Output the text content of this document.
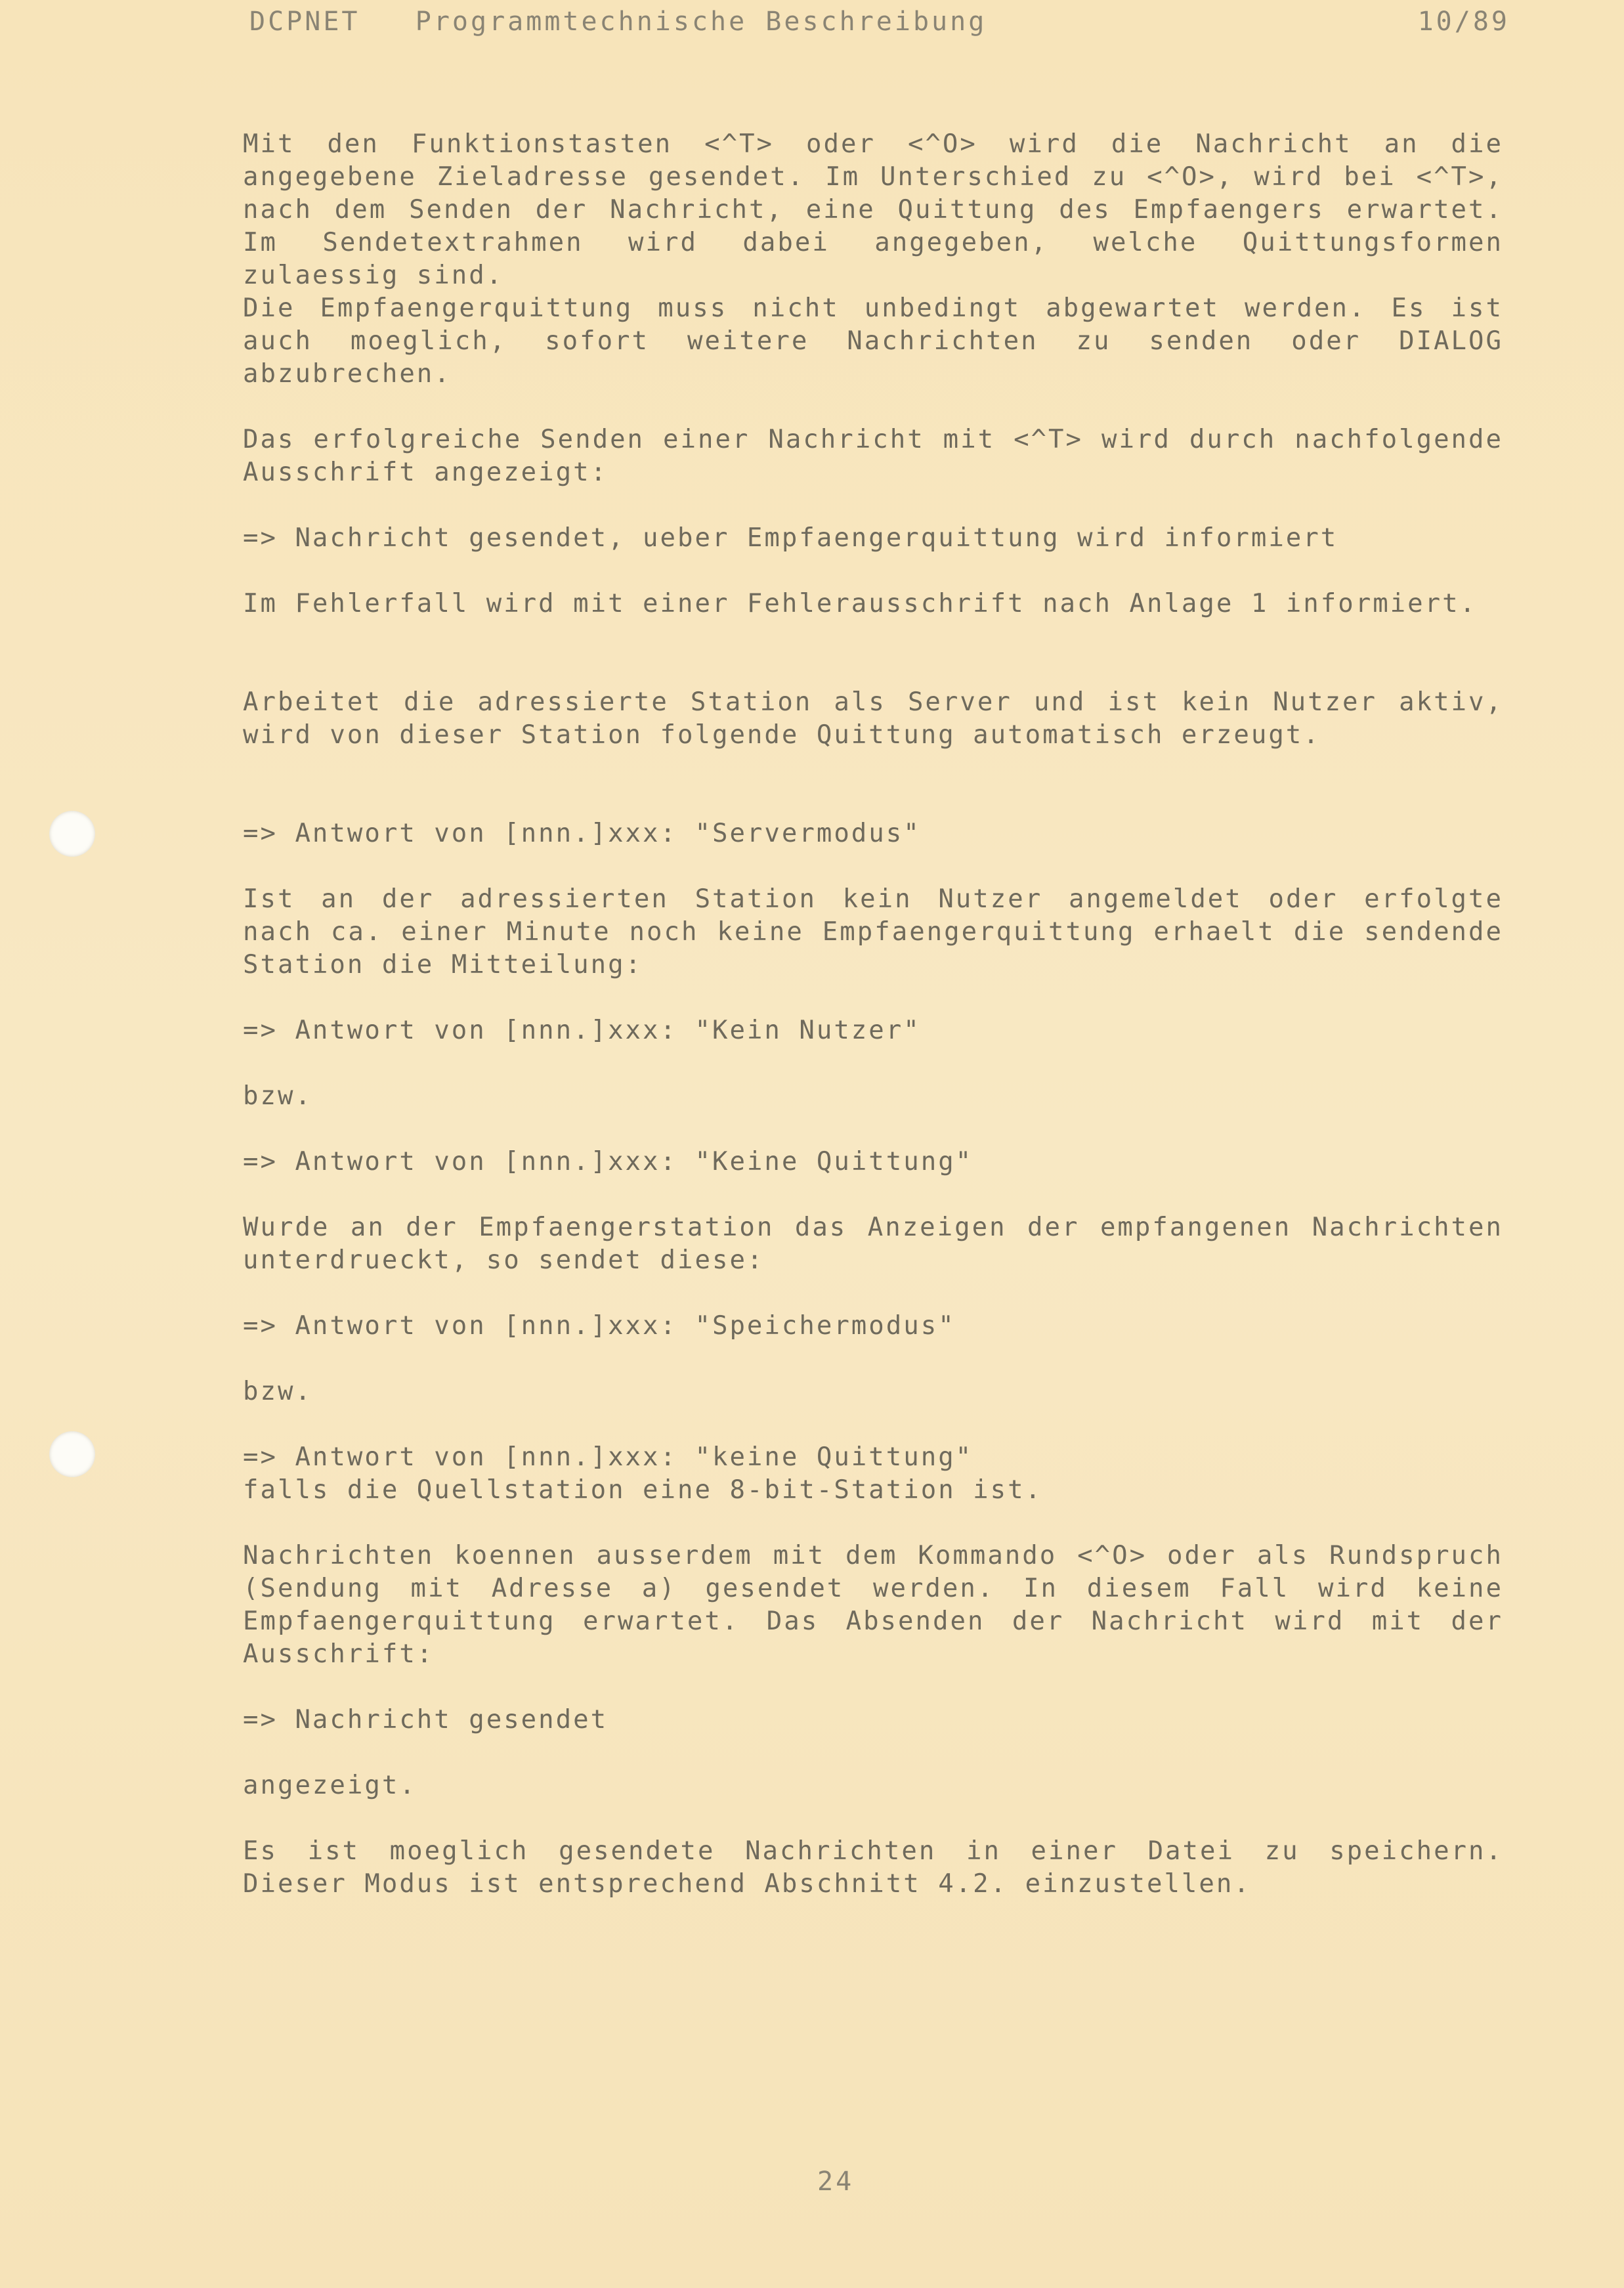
DCPNET   Programmtechnische Beschreibung	10/89

Mit den Funktionstasten <^T> oder <^O> wird die Nachricht an die angegebene Zieladresse gesendet. Im Unterschied zu <^O>, wird bei <^T>, nach dem Senden der Nachricht, eine Quittung des Empfaengers erwartet. Im Sendetextrahmen wird dabei angegeben, welche Quittungsformen zulaessig sind.

Die Empfaengerquittung muss nicht unbedingt abgewartet werden. Es ist auch moeglich, sofort weitere Nachrichten zu senden oder DIALOG abzubrechen.

Das erfolgreiche Senden einer Nachricht mit <^T> wird durch nachfolgende Ausschrift angezeigt:

=> Nachricht gesendet, ueber Empfaengerquittung wird informiert

Im Fehlerfall wird mit einer Fehlerausschrift nach Anlage 1 informiert.

Arbeitet die adressierte Station als Server und ist kein Nutzer aktiv, wird von dieser Station folgende Quittung automatisch erzeugt.

=> Antwort von [nnn.]xxx: "Servermodus"

Ist an der adressierten Station kein Nutzer angemeldet oder erfolgte nach ca. einer Minute noch keine Empfaengerquittung erhaelt die sendende Station die Mitteilung:

=> Antwort von [nnn.]xxx: "Kein Nutzer"

bzw.

=> Antwort von [nnn.]xxx: "Keine Quittung"

Wurde an der Empfaengerstation das Anzeigen der empfangenen Nachrichten unterdrueckt, so sendet diese:

=> Antwort von [nnn.]xxx: "Speichermodus"

bzw.

=> Antwort von [nnn.]xxx: "keine Quittung"

falls die Quellstation eine 8-bit-Station ist.

Nachrichten koennen ausserdem mit dem Kommando <^O> oder als Rundspruch (Sendung mit Adresse a) gesendet werden. In diesem Fall wird keine Empfaengerquittung erwartet. Das Absenden der Nachricht wird mit der Ausschrift:

=> Nachricht gesendet

angezeigt.

Es ist moeglich gesendete Nachrichten in einer Datei zu speichern. Dieser Modus ist entsprechend Abschnitt 4.2. einzustellen.

24
